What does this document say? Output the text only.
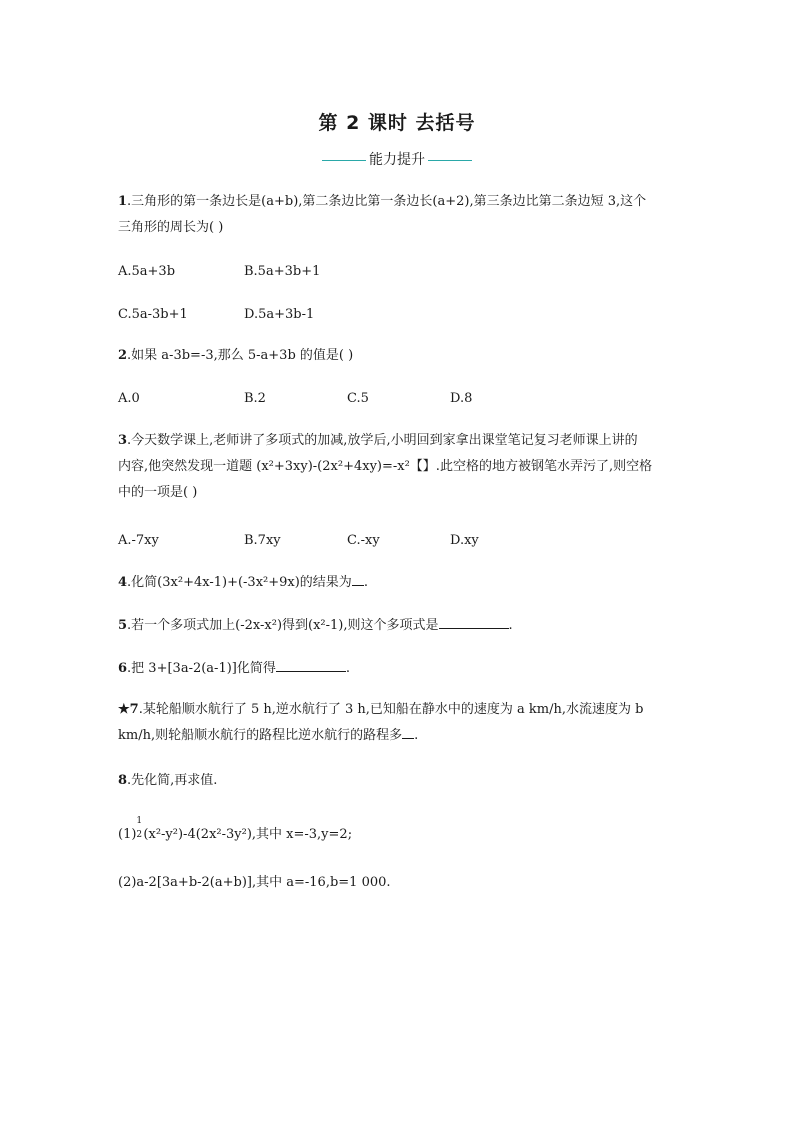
第 2 课时 去括号
能力提升
1.三角形的第一条边长是(a+b),第二条边比第一条边长(a+2),第三条边比第二条边短 3,这个
三角形的周长为( )
A.5a+3b	B.5a+3b+1
C.5a-3b+1	D.5a+3b-1
2.如果 a-3b=-3,那么 5-a+3b 的值是( )
A.0	B.2	C.5	D.8
3.今天数学课上,老师讲了多项式的加减,放学后,小明回到家拿出课堂笔记复习老师课上讲的
内容,他突然发现一道题 (x²+3xy)-(2x²+4xy)=-x²【】.此空格的地方被钢笔水弄污了,则空格
中的一项是( )
A.-7xy	B.7xy	C.-xy	D.xy
4.化简(3x²+4x-1)+(-3x²+9x)的结果为 .
5.若一个多项式加上(-2x-x²)得到(x²-1),则这个多项式是	.
6.把 3+[3a-2(a-1)]化简得	.
★7.某轮船顺水航行了 5 h,逆水航行了 3 h,已知船在静水中的速度为 a km/h,水流速度为 b
km/h,则轮船顺水航行的路程比逆水航行的路程多 .
8.先化简,再求值.
(1)
1
2 (x²-y²)-4(2x²-3y²),其中 x=-3,y=2;
(2)a-2[3a+b-2(a+b)],其中 a=-16,b=1 000.
